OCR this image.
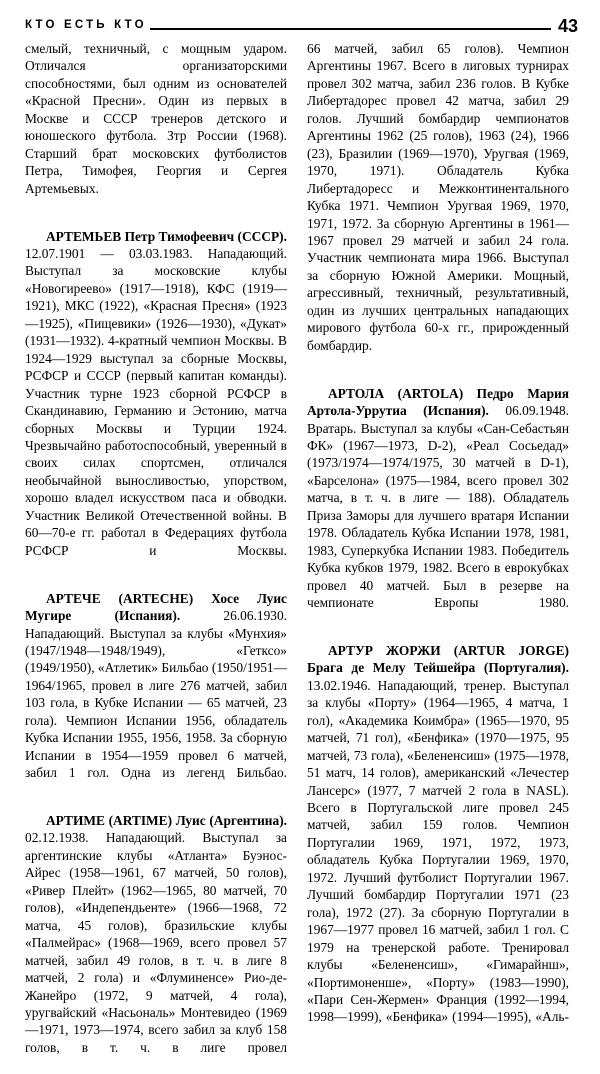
КТО ЕСТЬ КТО	43

смелый, техничный, с мощным ударом. Отличался организаторскими способностями, был одним из основателей «Красной Пресни». Один из первых в Москве и СССР тренеров детского и юношеского футбола. Зтр России (1968). Старший брат московских футболистов Петра, Тимофея, Георгия и Сергея Артемьевых.

АРТЕМЬЕВ Петр Тимофеевич (СССР). 12.07.1901 — 03.03.1983. Нападающий. Выступал за московские клубы «Новогиреево» (1917—1918), КФС (1919—1921), МКС (1922), «Красная Пресня» (1923—1925), «Пищевики» (1926—1930), «Дукат» (1931—1932). 4-кратный чемпион Москвы. В 1924—1929 выступал за сборные Москвы, РСФСР и СССР (первый капитан команды). Участник турне 1923 сборной РСФСР в Скандинавию, Германию и Эстонию, матча сборных Москвы и Турции 1924. Чрезвычайно работоспособный, уверенный в своих силах спортсмен, отличался необычайной выносливостью, упорством, хорошо владел искусством паса и обводки. Участник Великой Отечественной войны. В 60—70-е гг. работал в Федерациях футбола РСФСР и Москвы.

АРТЕЧЕ (ARTECHE) Хосе Луис Мугире (Испания). 26.06.1930. Нападающий. Выступал за клубы «Мунхия» (1947/1948—1948/1949), «Гетксо» (1949/1950), «Атлетик» Бильбао (1950/1951—1964/1965, провел в лиге 276 матчей, забил 103 гола, в Кубке Испании — 65 матчей, 23 гола). Чемпион Испании 1956, обладатель Кубка Испании 1955, 1956, 1958. За сборную Испании в 1954—1959 провел 6 матчей, забил 1 гол. Одна из легенд Бильбао.

АРТИМЕ (ARTIME) Луис (Аргентина). 02.12.1938. Нападающий. Выступал за аргентинские клубы «Атланта» Буэнос-Айрес (1958—1961, 67 матчей, 50 голов), «Ривер Плейт» (1962—1965, 80 матчей, 70 голов), «Индепендьенте» (1966—1968, 72 матча, 45 голов), бразильские клубы «Палмейрас» (1968—1969, всего провел 57 матчей, забил 49 голов, в т. ч. в лиге 8 матчей, 2 гола) и «Флуминенсе» Рио-де-Жанейро (1972, 9 матчей, 4 гола), уругвайский «Насьональ» Монтевидео (1969—1971, 1973—1974, всего забил за клуб 158 голов, в т. ч. в лиге провел

66 матчей, забил 65 голов). Чемпион Аргентины 1967. Всего в лиговых турнирах провел 302 матча, забил 236 голов. В Кубке Либертадорес провел 42 матча, забил 29 голов. Лучший бомбардир чемпионатов Аргентины 1962 (25 голов), 1963 (24), 1966 (23), Бразилии (1969—1970), Уругвая (1969, 1970, 1971). Обладатель Кубка Либертадоресс и Межконтинентального Кубка 1971. Чемпион Уругвая 1969, 1970, 1971, 1972. За сборную Аргентины в 1961—1967 провел 29 матчей и забил 24 гола. Участник чемпионата мира 1966. Выступал за сборную Южной Америки. Мощный, агрессивный, техничный, результативный, один из лучших центральных нападающих мирового футбола 60-х гг., прирожденный бомбардир.

АРТОЛА (ARTOLA) Педро Мария Артола-Уррутиа (Испания). 06.09.1948. Вратарь. Выступал за клубы «Сан-Себастьян ФК» (1967—1973, D-2), «Реал Сосьедад» (1973/1974—1974/1975, 30 матчей в D-1), «Барселона» (1975—1984, всего провел 302 матча, в т. ч. в лиге — 188). Обладатель Приза Заморы для лучшего вратаря Испании 1978. Обладатель Кубка Испании 1978, 1981, 1983, Суперкубка Испании 1983. Победитель Кубка кубков 1979, 1982. Всего в еврокубках провел 40 матчей. Был в резерве на чемпионате Европы 1980.

АРТУР ЖОРЖИ (ARTUR JORGE) Брага де Мелу Тейшейра (Португалия). 13.02.1946. Нападающий, тренер. Выступал за клубы «Порту» (1964—1965, 4 матча, 1 гол), «Академика Коимбра» (1965—1970, 95 матчей, 71 гол), «Бенфика» (1970—1975, 95 матчей, 73 гола), «Белененсиш» (1975—1978, 51 матч, 14 голов), американский «Лечестер Лансерс» (1977, 7 матчей 2 гола в NASL). Всего в Португальской лиге провел 245 матчей, забил 159 голов. Чемпион Португалии 1969, 1971, 1972, 1973, обладатель Кубка Португалии 1969, 1970, 1972. Лучший футболист Португалии 1967. Лучший бомбардир Португалии 1971 (23 гола), 1972 (27). За сборную Португалии в 1967—1977 провел 16 матчей, забил 1 гол. С 1979 на тренерской работе. Тренировал клубы «Белененсиш», «Гимарайнш», «Портимоненше», «Порту» (1983—1990), «Пари Сен-Жермен» Франция (1992—1994, 1998—1999), «Бенфика» (1994—1995), «Аль-
